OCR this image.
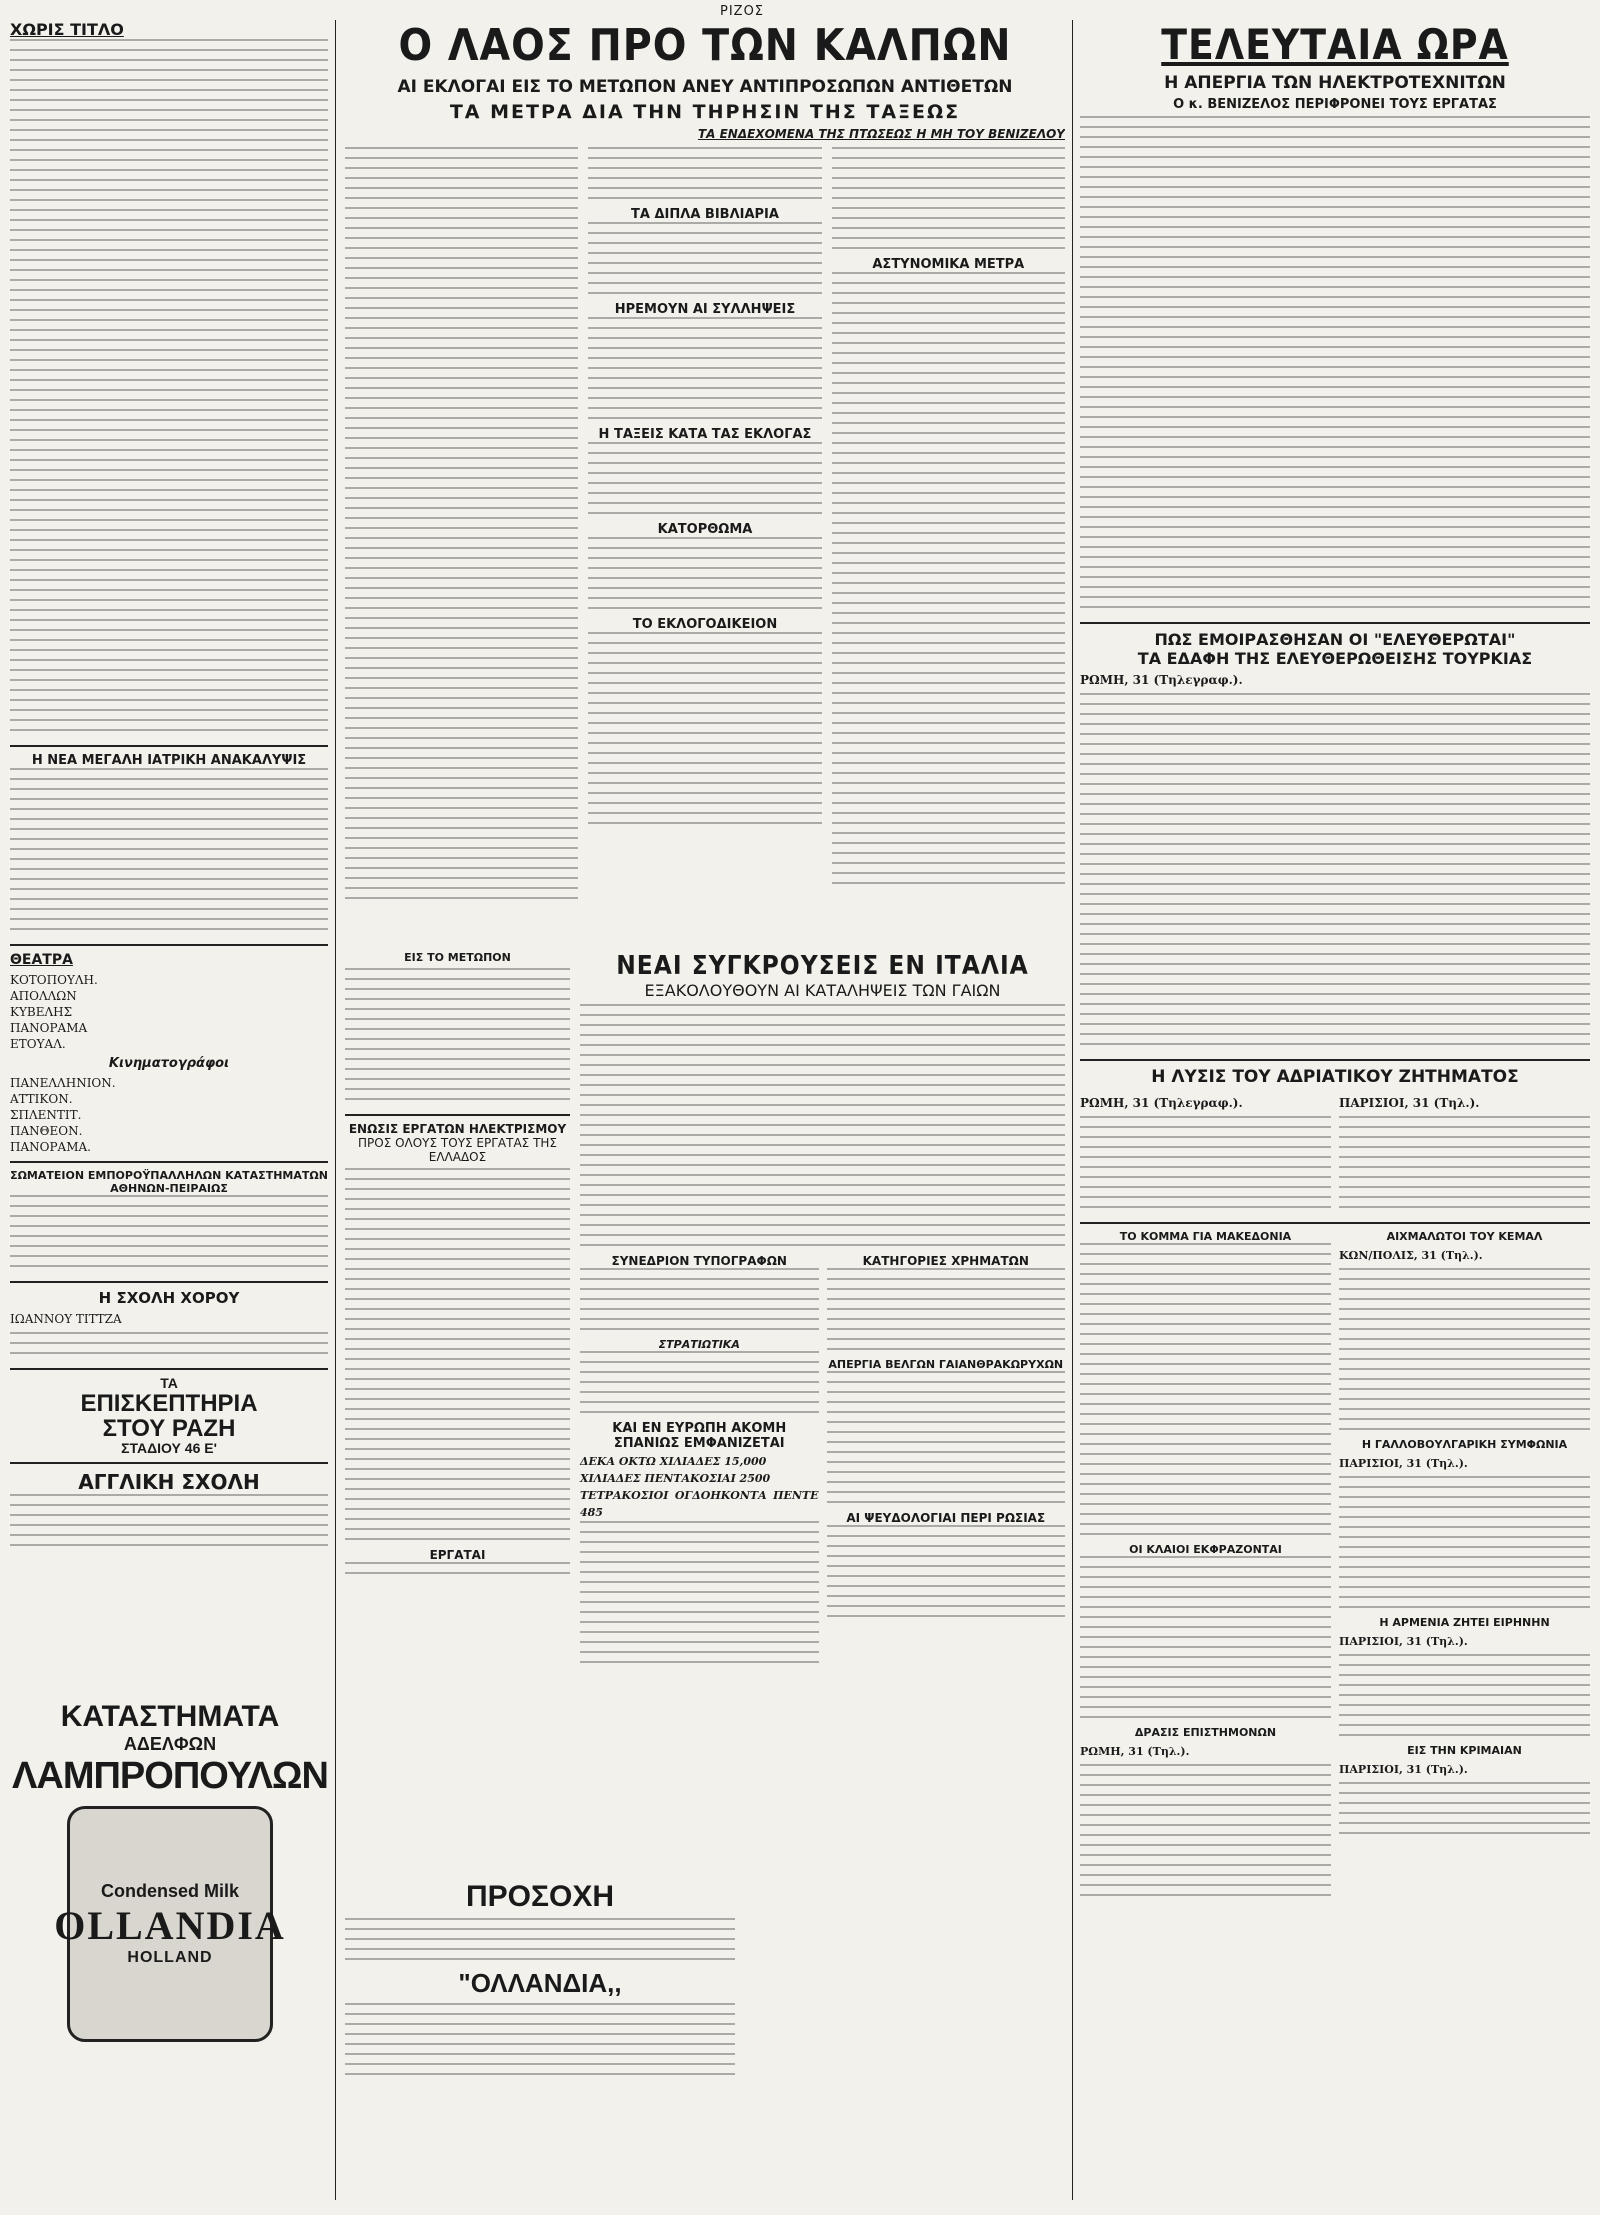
ΡΙΖΟΣ
ΧΩΡΙΣ ΤΙΤΛΟ
Η ΝΕΑ ΜΕΓΑΛΗ ΙΑΤΡΙΚΗ ΑΝΑΚΑΛΥΨΙΣ
ΘΕΑΤΡΑ
ΚΟΤΟΠΟΥΛΗ.
ΑΠΟΛΛΩΝ
ΚΥΒΕΛΗΣ
ΠΑΝΟΡΑΜΑ
ΕΤΟΥΑΛ.
Κινηματογράφοι
ΠΑΝΕΛΛΗΝΙΟΝ.
ΑΤΤΙΚΟΝ.
ΣΠΛΕΝΤΙΤ.
ΠΑΝΘΕΟΝ.
ΠΑΝΟΡΑΜΑ.
ΣΩΜΑΤΕΙΟΝ ΕΜΠΟΡΟΫΠΑΛΛΗΛΩΝ ΚΑΤΑΣΤΗΜΑΤΩΝ ΑΘΗΝΩΝ-ΠΕΙΡΑΙΩΣ
Η ΣΧΟΛΗ ΧΟΡΟΥ
ΙΩΑΝΝΟΥ ΤΙΤΤΖΑ
ΤΑ
ΕΠΙΣΚΕΠΤΗΡΙΑ
ΣΤΟΥ ΡΑΖΗ
ΣΤΑΔΙΟΥ 46 Ε'
ΑΓΓΛΙΚΗ ΣΧΟΛΗ
Ο ΛΑΟΣ ΠΡΟ ΤΩΝ ΚΑΛΠΩΝ
ΑΙ ΕΚΛΟΓΑΙ ΕΙΣ ΤΟ ΜΕΤΩΠΟΝ ΑΝΕΥ ΑΝΤΙΠΡΟΣΩΠΩΝ ΑΝΤΙΘΕΤΩΝ
ΤΑ ΜΕΤΡΑ ΔΙΑ ΤΗΝ ΤΗΡΗΣΙΝ ΤΗΣ ΤΑΞΕΩΣ
ΤΑ ΕΝΔΕΧΟΜΕΝΑ ΤΗΣ ΠΤΩΣΕΩΣ Η ΜΗ ΤΟΥ ΒΕΝΙΖΕΛΟΥ
ΤΑ ΔΙΠΛΑ ΒΙΒΛΙΑΡΙΑ
ΗΡΕΜΟΥΝ ΑΙ ΣΥΛΛΗΨΕΙΣ
Η ΤΑΞΕΙΣ ΚΑΤΑ ΤΑΣ ΕΚΛΟΓΑΣ
ΚΑΤΟΡΘΩΜΑ
ΤΟ ΕΚΛΟΓΟΔΙΚΕΙΟΝ
ΑΣΤΥΝΟΜΙΚΑ ΜΕΤΡΑ
ΕΙΣ ΤΟ ΜΕΤΩΠΟΝ
ΕΝΩΣΙΣ ΕΡΓΑΤΩΝ ΗΛΕΚΤΡΙΣΜΟΥ
ΠΡΟΣ ΟΛΟΥΣ ΤΟΥΣ ΕΡΓΑΤΑΣ ΤΗΣ ΕΛΛΑΔΟΣ
ΕΡΓΑΤΑΙ
ΝΕΑΙ ΣΥΓΚΡΟΥΣΕΙΣ ΕΝ ΙΤΑΛΙΑ
ΕΞΑΚΟΛΟΥΘΟΥΝ ΑΙ ΚΑΤΑΛΗΨΕΙΣ ΤΩΝ ΓΑΙΩΝ
ΣΥΝΕΔΡΙΟΝ ΤΥΠΟΓΡΑΦΩΝ
ΣΤΡΑΤΙΩΤΙΚΑ
ΚΑΙ ΕΝ ΕΥΡΩΠΗ ΑΚΟΜΗ ΣΠΑΝΙΩΣ ΕΜΦΑΝΙΖΕΤΑΙ
ΔΕΚΑ ΟΚΤΩ ΧΙΛΙΑΔΕΣ 15,000
ΧΙΛΙΑΔΕΣ ΠΕΝΤΑΚΟΣΙΑΙ 2500
ΤΕΤΡΑΚΟΣΙΟΙ ΟΓΔΟΗΚΟΝΤΑ ΠΕΝΤΕ 485
ΚΑΤΗΓΟΡΙΕΣ ΧΡΗΜΑΤΩΝ
ΑΠΕΡΓΙΑ ΒΕΛΓΩΝ ΓΑΙΑΝΘΡΑΚΩΡΥΧΩΝ
ΑΙ ΨΕΥΔΟΛΟΓΙΑΙ ΠΕΡΙ ΡΩΣΙΑΣ
ΚΑΤΑΣΤΗΜΑΤΑ
ΑΔΕΛΦΩΝ
ΛΑΜΠΡΟΠΟΥΛΩΝ
Condensed Milk
OLLANDIA
HOLLAND
ΠΡΟΣΟΧΗ
"ΟΛΛΑΝΔΙΑ,,
ΤΕΛΕΥΤΑΙΑ ΩΡΑ
Η ΑΠΕΡΓΙΑ ΤΩΝ ΗΛΕΚΤΡΟΤΕΧΝΙΤΩΝ
Ο κ. ΒΕΝΙΖΕΛΟΣ ΠΕΡΙΦΡΟΝΕΙ ΤΟΥΣ ΕΡΓΑΤΑΣ
ΠΩΣ ΕΜΟΙΡΑΣΘΗΣΑΝ ΟΙ "ΕΛΕΥΘΕΡΩΤΑΙ"
ΤΑ ΕΔΑΦΗ ΤΗΣ ΕΛΕΥΘΕΡΩΘΕΙΣΗΣ ΤΟΥΡΚΙΑΣ
ΡΩΜΗ, 31 (Τηλεγραφ.).
Η ΛΥΣΙΣ ΤΟΥ ΑΔΡΙΑΤΙΚΟΥ ΖΗΤΗΜΑΤΟΣ
ΡΩΜΗ, 31 (Τηλεγραφ.).	ΠΑΡΙΣΙΟΙ, 31 (Τηλ.).
ΤΟ ΚΟΜΜΑ ΓΙΑ ΜΑΚΕΔΟΝΙΑ
ΟΙ ΚΛΑΙΟΙ ΕΚΦΡΑΖΟΝΤΑΙ
ΔΡΑΣΙΣ ΕΠΙΣΤΗΜΟΝΩΝ
ΡΩΜΗ, 31 (Τηλ.).
ΑΙΧΜΑΛΩΤΟΙ ΤΟΥ ΚΕΜΑΛ
ΚΩΝ/ΠΟΛΙΣ, 31 (Τηλ.).
Η ΓΑΛΛΟΒΟΥΛΓΑΡΙΚΗ ΣΥΜΦΩΝΙΑ
ΠΑΡΙΣΙΟΙ, 31 (Τηλ.).
Η ΑΡΜΕΝΙΑ ΖΗΤΕΙ ΕΙΡΗΝΗΝ
ΠΑΡΙΣΙΟΙ, 31 (Τηλ.).
ΕΙΣ ΤΗΝ ΚΡΙΜΑΙΑΝ
ΠΑΡΙΣΙΟΙ, 31 (Τηλ.).
